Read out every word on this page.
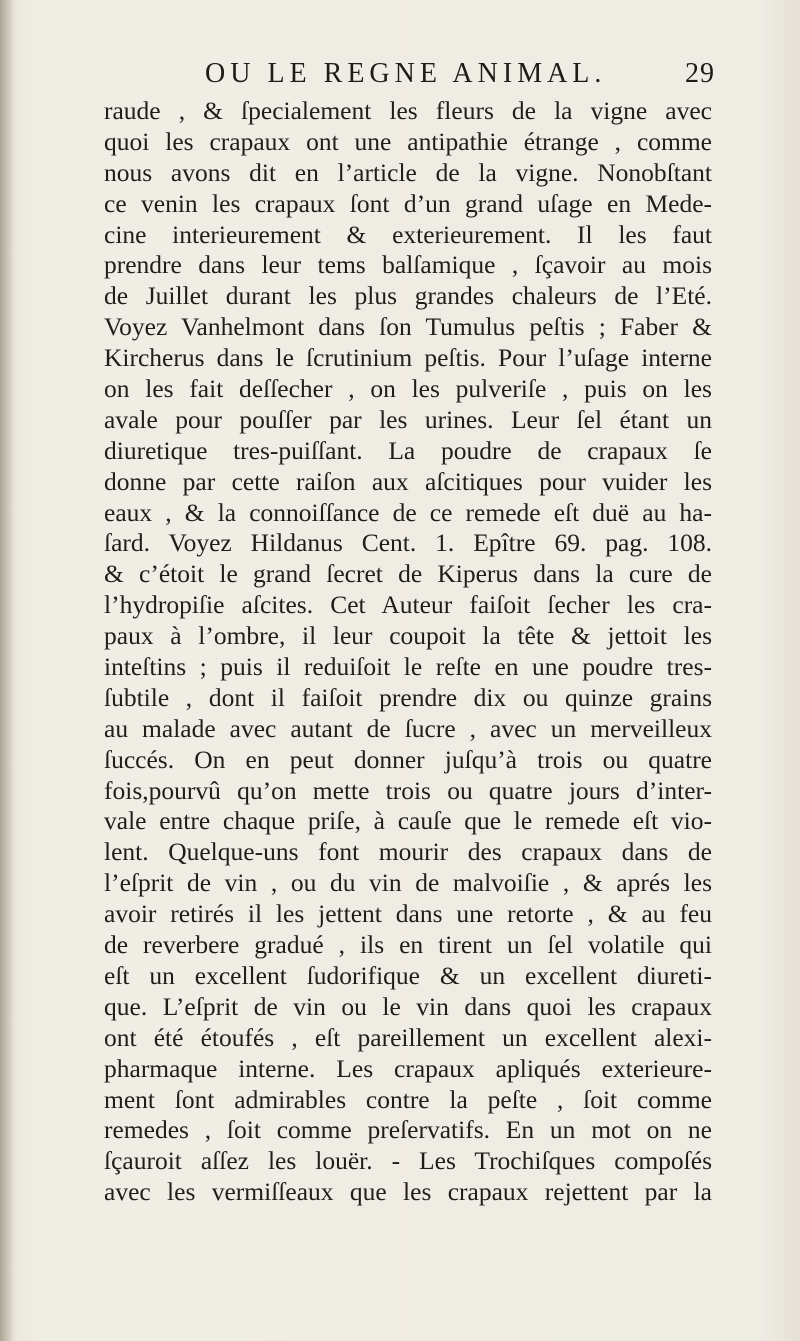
OU LE REGNE ANIMAL.	29
raude , & ſpecialement les fleurs de la vigne avec
quoi les crapaux ont une antipathie étrange , comme
nous avons dit en l’article de la vigne. Nonobſtant
ce venin les crapaux ſont d’un grand uſage en Mede-
cine interieurement & exterieurement. Il les faut
prendre dans leur tems balſamique , ſçavoir au mois
de Juillet durant les plus grandes chaleurs de l’Eté.
Voyez Vanhelmont dans ſon Tumulus peſtis ; Faber &
Kircherus dans le ſcrutinium peſtis. Pour l’uſage interne
on les fait deſſecher , on les pulveriſe , puis on les
avale pour pouſſer par les urines. Leur ſel étant un
diuretique tres-puiſſant. La poudre de crapaux ſe
donne par cette raiſon aux aſcitiques pour vuider les
eaux , & la connoiſſance de ce remede eſt duë au ha-
ſard. Voyez Hildanus Cent. 1. Epître 69. pag. 108.
& c’étoit le grand ſecret de Kiperus dans la cure de
l’hydropiſie aſcites. Cet Auteur faiſoit ſecher les cra-
paux à l’ombre, il leur coupoit la tête & jettoit les
inteſtins ; puis il reduiſoit le reſte en une poudre tres-
ſubtile , dont il faiſoit prendre dix ou quinze grains
au malade avec autant de ſucre , avec un merveilleux
ſuccés. On en peut donner juſqu’à trois ou quatre
fois,pourvû qu’on mette trois ou quatre jours d’inter-
vale entre chaque priſe, à cauſe que le remede eſt vio-
lent. Quelque-uns font mourir des crapaux dans de
l’eſprit de vin , ou du vin de malvoiſie , & aprés les
avoir retirés il les jettent dans une retorte , & au feu
de reverbere gradué , ils en tirent un ſel volatile qui
eſt un excellent ſudorifique & un excellent diureti-
que. L’eſprit de vin ou le vin dans quoi les crapaux
ont été étoufés , eſt pareillement un excellent alexi-
pharmaque interne. Les crapaux apliqués exterieure-
ment ſont admirables contre la peſte , ſoit comme
remedes , ſoit comme preſervatifs. En un mot on ne
ſçauroit aſſez les louër. - Les Trochiſques compoſés
avec les vermiſſeaux que les crapaux rejettent par la
